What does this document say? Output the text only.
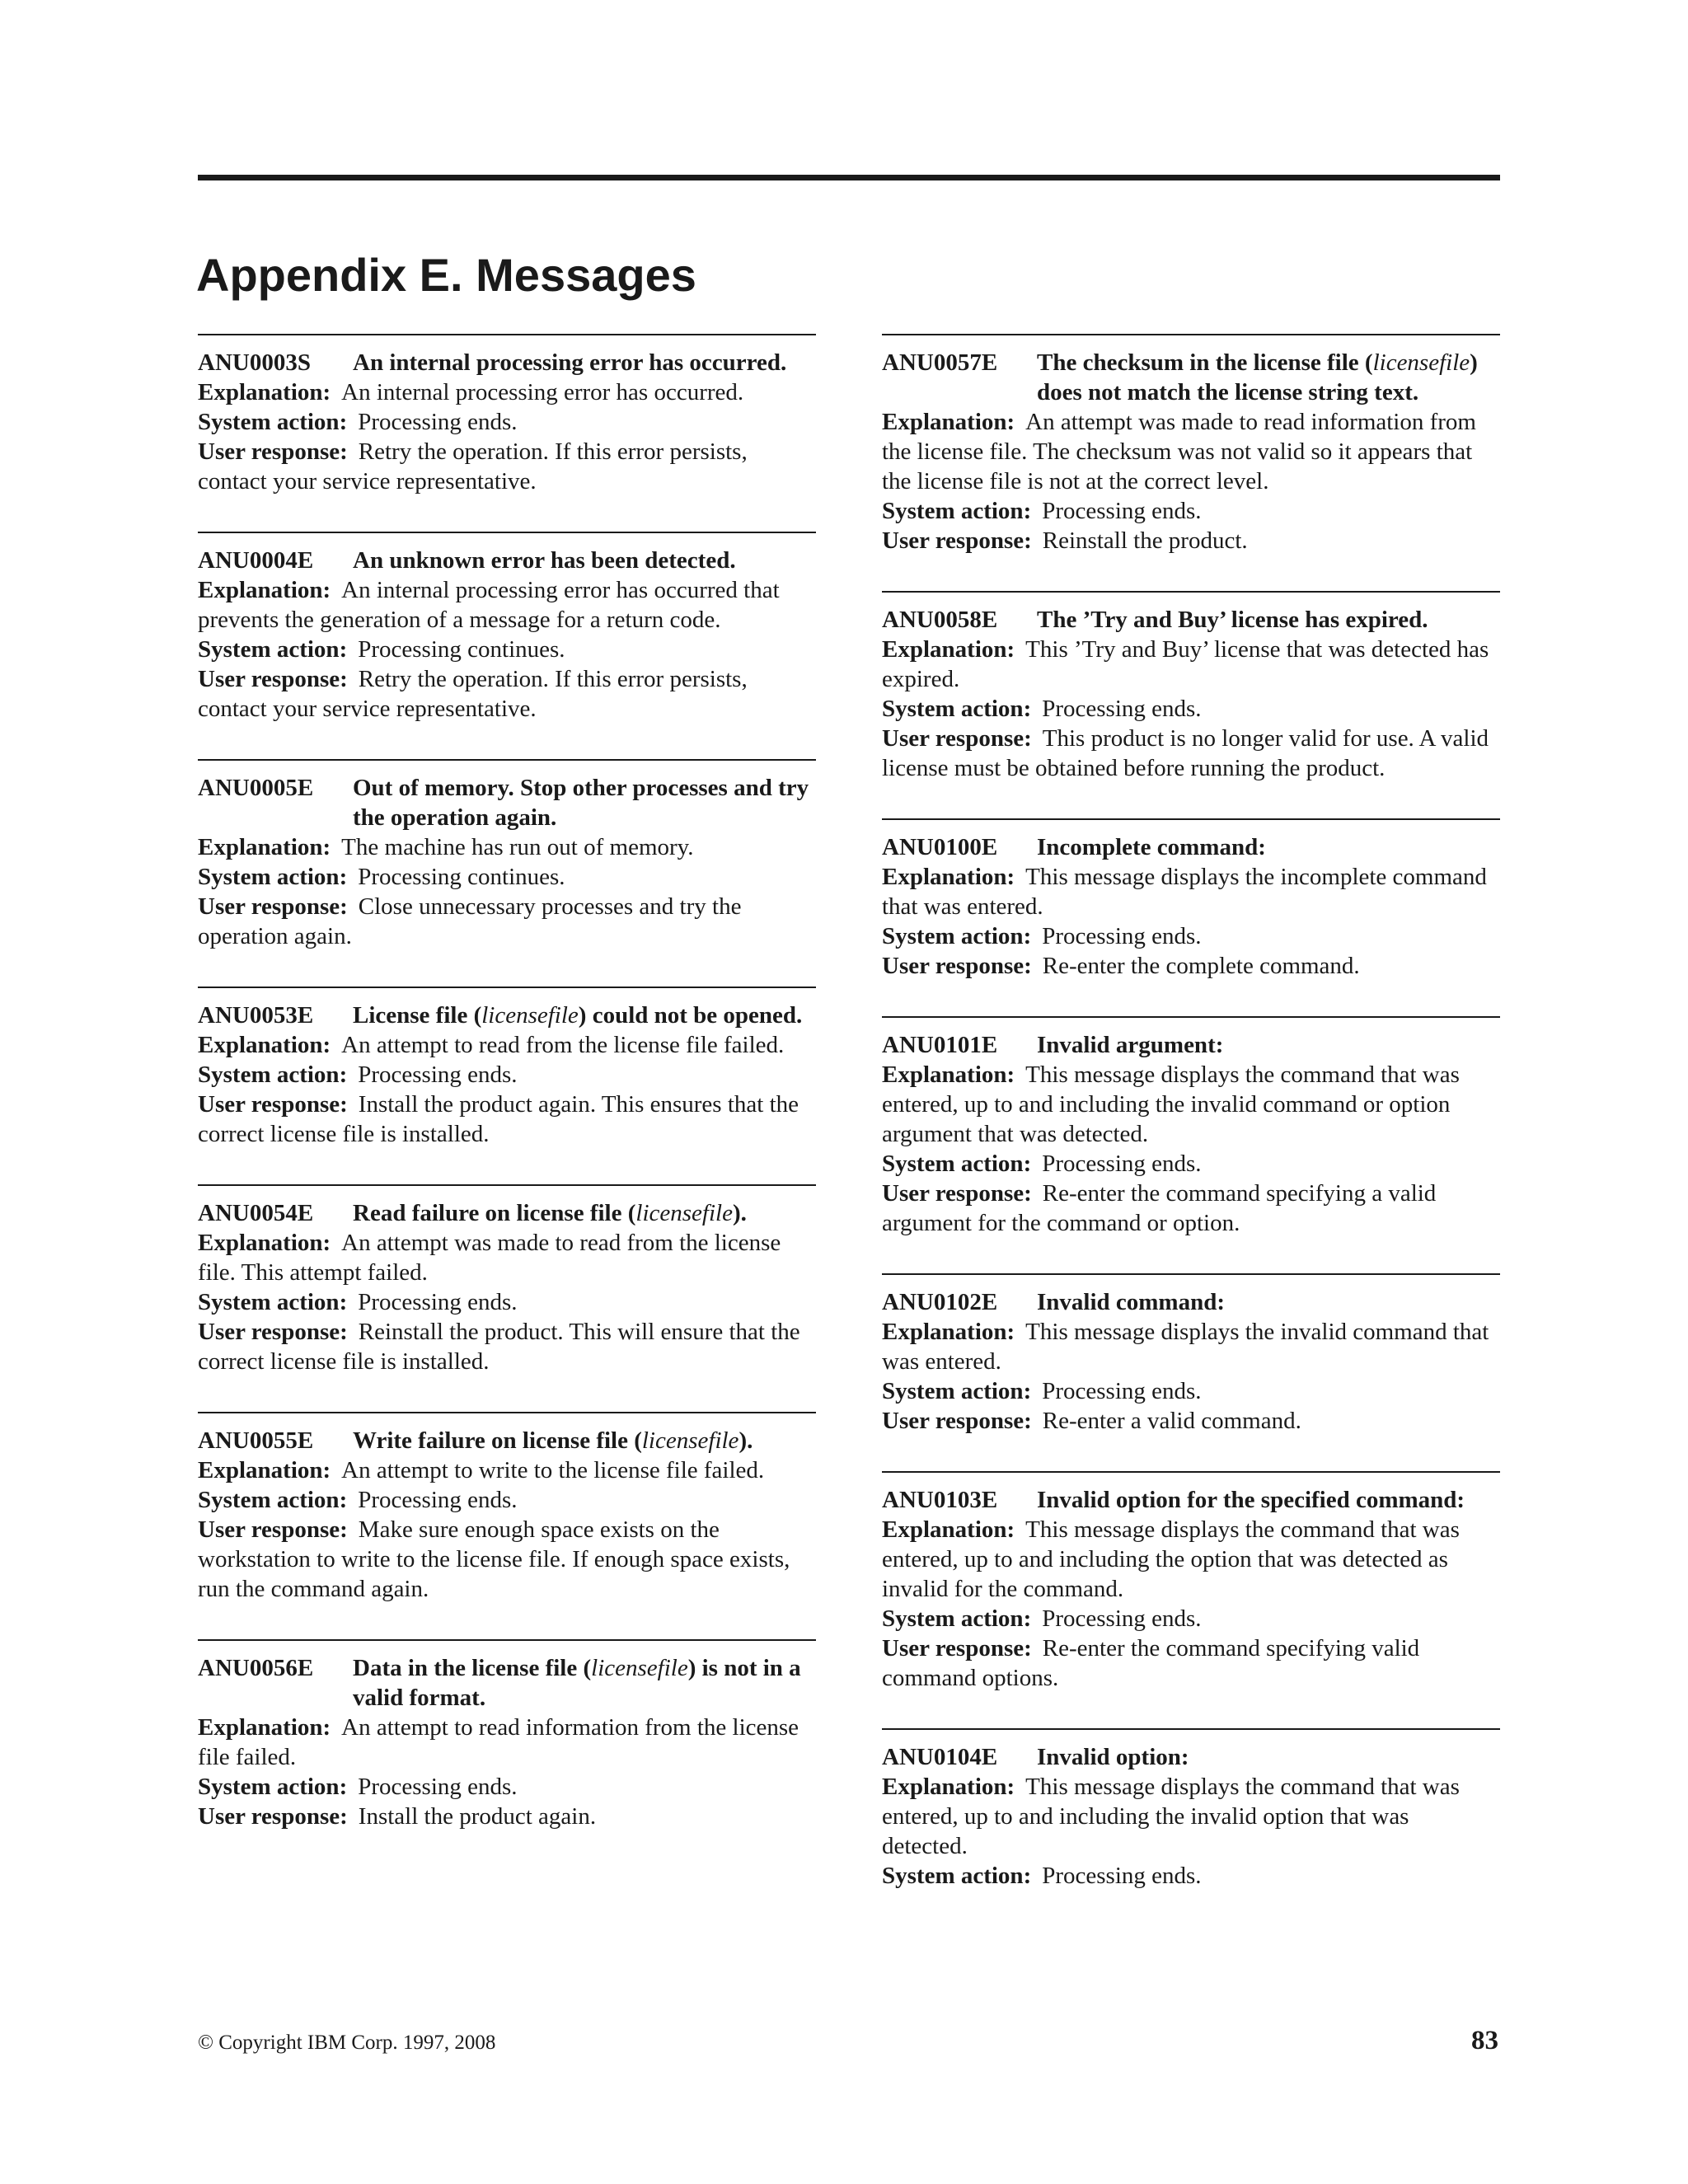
Appendix E. Messages
ANU0003S	An internal processing error has occurred.
Explanation: An internal processing error has occurred.
System action: Processing ends.
User response: Retry the operation. If this error persists, contact your service representative.
ANU0004E	An unknown error has been detected.
Explanation: An internal processing error has occurred that prevents the generation of a message for a return code.
System action: Processing continues.
User response: Retry the operation. If this error persists, contact your service representative.
ANU0005E	Out of memory. Stop other processes and try the operation again.
Explanation: The machine has run out of memory.
System action: Processing continues.
User response: Close unnecessary processes and try the operation again.
ANU0053E	License file (licensefile) could not be opened.
Explanation: An attempt to read from the license file failed.
System action: Processing ends.
User response: Install the product again. This ensures that the correct license file is installed.
ANU0054E	Read failure on license file (licensefile).
Explanation: An attempt was made to read from the license file. This attempt failed.
System action: Processing ends.
User response: Reinstall the product. This will ensure that the correct license file is installed.
ANU0055E	Write failure on license file (licensefile).
Explanation: An attempt to write to the license file failed.
System action: Processing ends.
User response: Make sure enough space exists on the workstation to write to the license file. If enough space exists, run the command again.
ANU0056E	Data in the license file (licensefile) is not in a valid format.
Explanation: An attempt to read information from the license file failed.
System action: Processing ends.
User response: Install the product again.
ANU0057E	The checksum in the license file (licensefile) does not match the license string text.
Explanation: An attempt was made to read information from the license file. The checksum was not valid so it appears that the license file is not at the correct level.
System action: Processing ends.
User response: Reinstall the product.
ANU0058E	The ’Try and Buy’ license has expired.
Explanation: This ’Try and Buy’ license that was detected has expired.
System action: Processing ends.
User response: This product is no longer valid for use. A valid license must be obtained before running the product.
ANU0100E	Incomplete command:
Explanation: This message displays the incomplete command that was entered.
System action: Processing ends.
User response: Re-enter the complete command.
ANU0101E	Invalid argument:
Explanation: This message displays the command that was entered, up to and including the invalid command or option argument that was detected.
System action: Processing ends.
User response: Re-enter the command specifying a valid argument for the command or option.
ANU0102E	Invalid command:
Explanation: This message displays the invalid command that was entered.
System action: Processing ends.
User response: Re-enter a valid command.
ANU0103E	Invalid option for the specified command:
Explanation: This message displays the command that was entered, up to and including the option that was detected as invalid for the command.
System action: Processing ends.
User response: Re-enter the command specifying valid command options.
ANU0104E	Invalid option:
Explanation: This message displays the command that was entered, up to and including the invalid option that was detected.
System action: Processing ends.
© Copyright IBM Corp. 1997, 2008	83
